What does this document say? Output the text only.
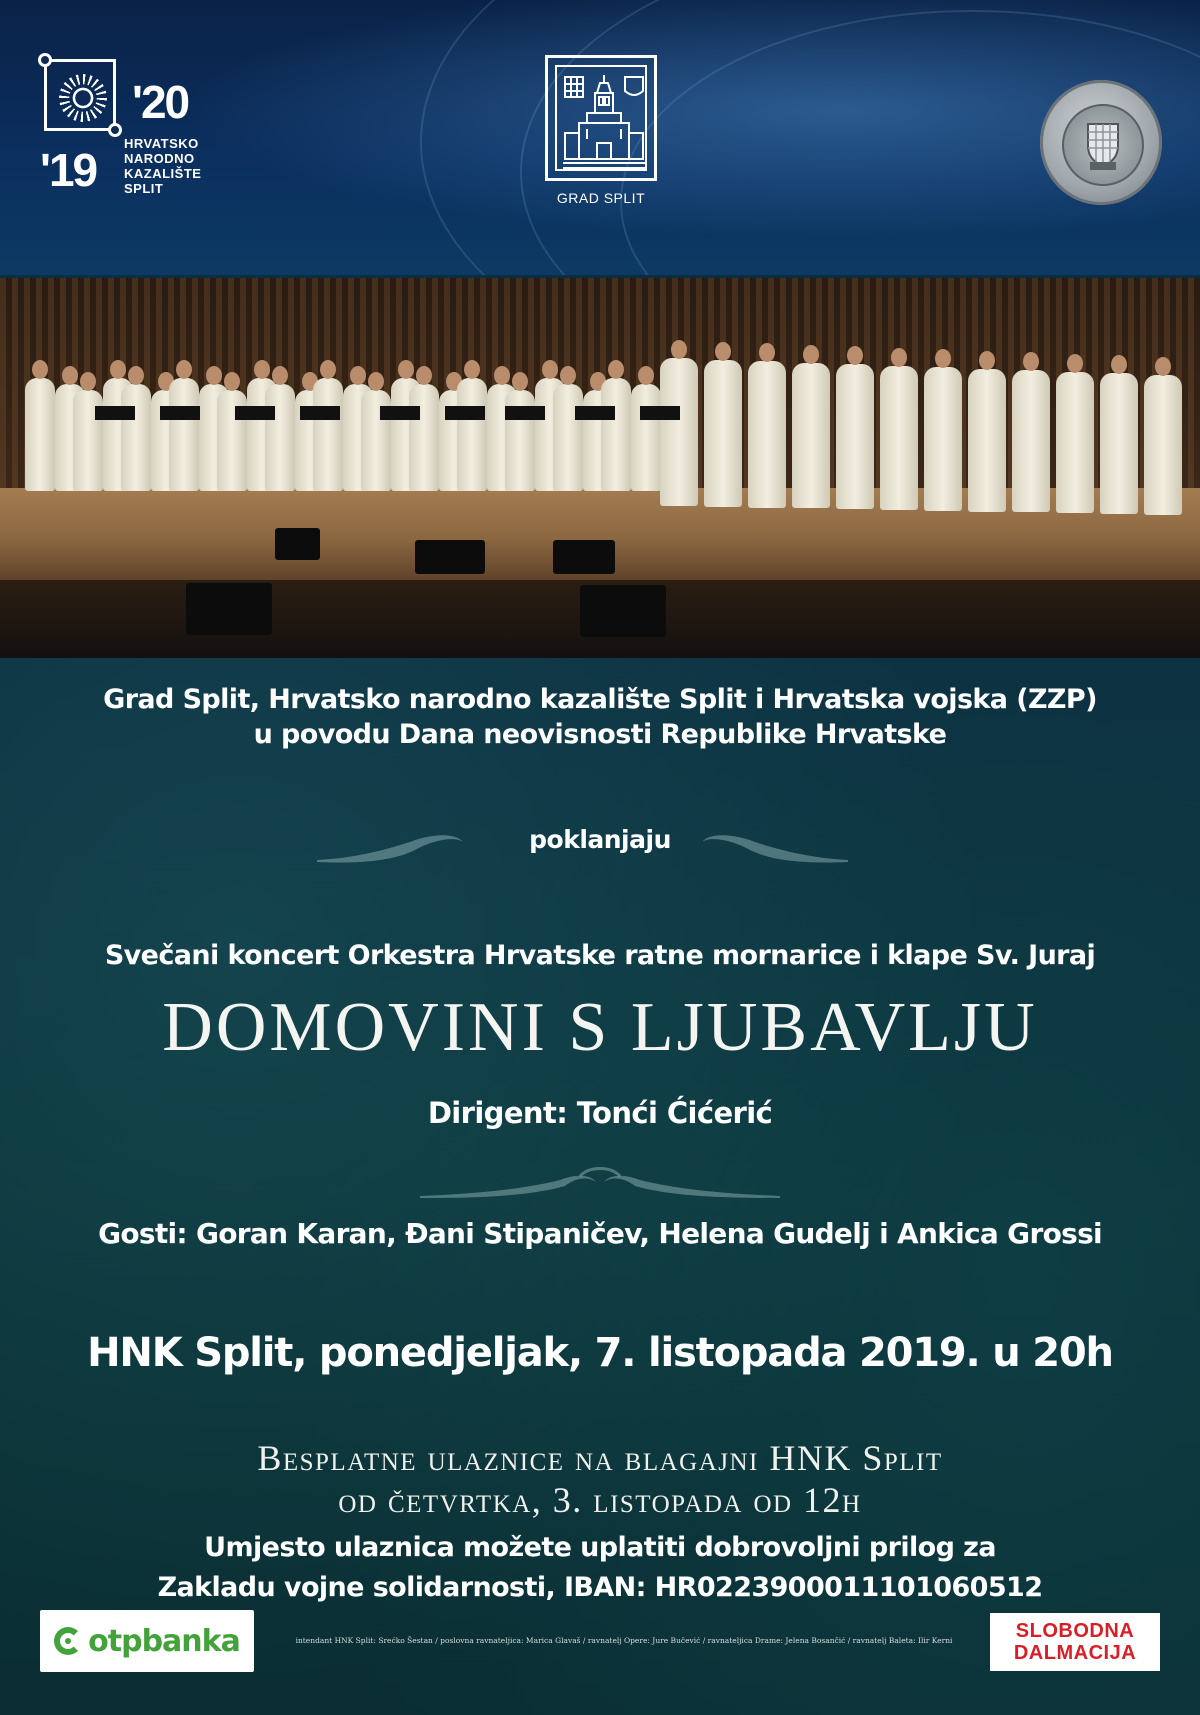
'20
'19
HRVATSKO
NARODNO
KAZALIŠTE
SPLIT
GRAD SPLIT
Grad Split, Hrvatsko narodno kazalište Split i Hrvatska vojska (ZZP)
u povodu Dana neovisnosti Republike Hrvatske
poklanjaju
Svečani koncert Orkestra Hrvatske ratne mornarice i klape Sv. Juraj
DOMOVINI S LJUBAVLJU
Dirigent: Tonći Ćićerić
Gosti: Goran Karan, Đani Stipaničev, Helena Gudelj i Ankica Grossi
HNK Split, ponedjeljak, 7. listopada 2019. u 20h
Besplatne ulaznice na blagajni HNK Split
od četvrtka, 3. listopada od 12h
Umjesto ulaznica možete uplatiti dobrovoljni prilog za
Zakladu vojne solidarnosti, IBAN: HR0223900011101060512
otpbanka	intendant HNK Split: Srećko Šestan / poslovna ravnateljica: Marica Glavaš / ravnatelj Opere: Jure Bučević / ravnateljica Drame: Jelena Bosančić / ravnatelj Baleta: Ilir Kerni	SLOBODNA
DALMACIJA
